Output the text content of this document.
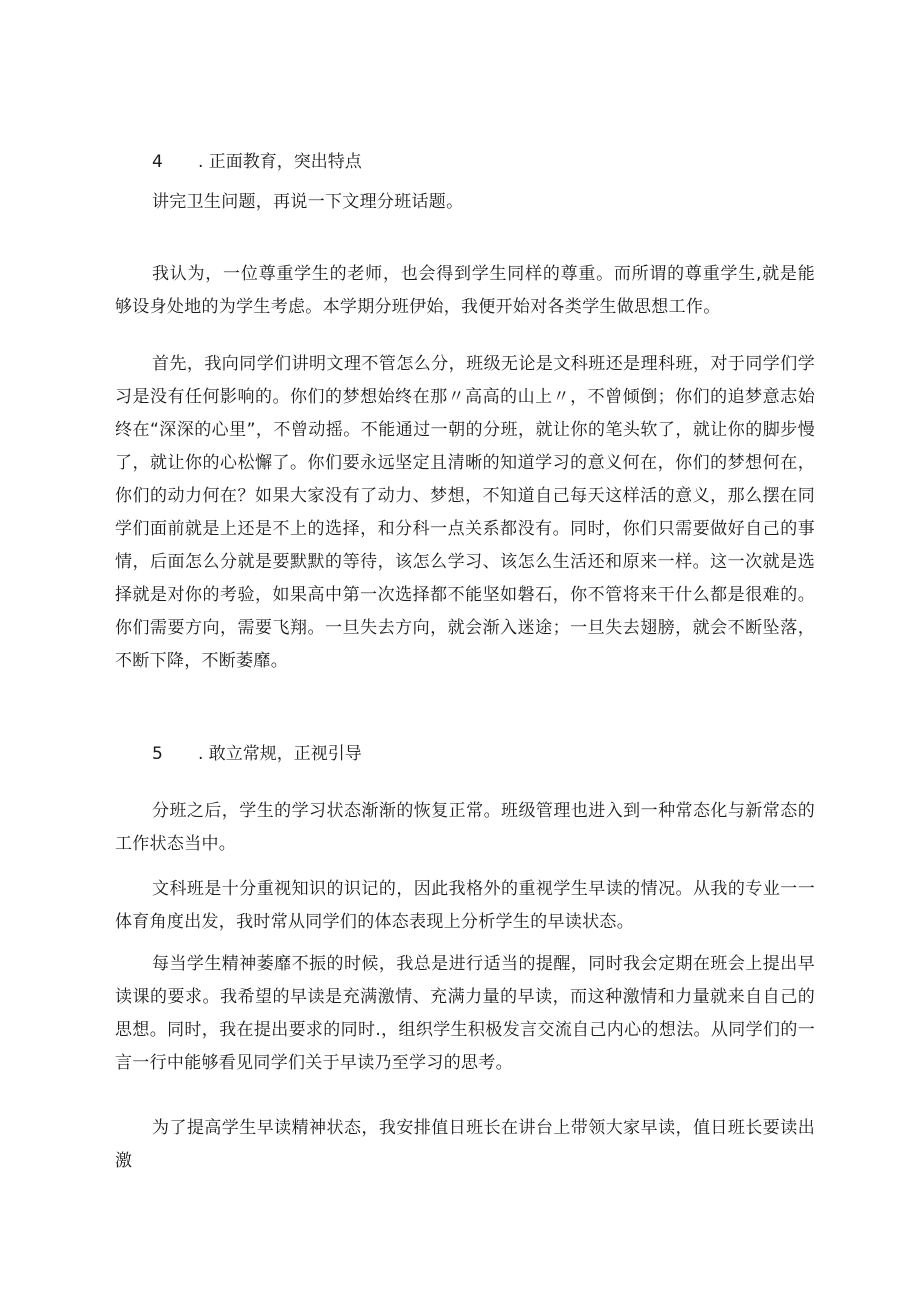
4 . 正面教育，突出特点

讲完卫生问题，再说一下文理分班话题。

我认为，一位尊重学生的老师，也会得到学生同样的尊重。而所谓的尊重学生,就是能够设身处地的为学生考虑。本学期分班伊始，我便开始对各类学生做思想工作。

首先，我向同学们讲明文理不管怎么分，班级无论是文科班还是理科班，对于同学们学习是没有任何影响的。你们的梦想始终在那〃高高的山上〃，不曾倾倒；你们的追梦意志始终在“深深的心里”，不曾动摇。不能通过一朝的分班，就让你的笔头软了，就让你的脚步慢了，就让你的心松懈了。你们要永远坚定且清晰的知道学习的意义何在，你们的梦想何在，你们的动力何在？如果大家没有了动力、梦想，不知道自己每天这样活的意义，那么摆在同学们面前就是上还是不上的选择，和分科一点关系都没有。同时，你们只需要做好自己的事情，后面怎么分就是要默默的等待，该怎么学习、该怎么生活还和原来一样。这一次就是选择就是对你的考验，如果高中第一次选择都不能坚如磐石，你不管将来干什么都是很难的。你们需要方向，需要飞翔。一旦失去方向，就会渐入迷途；一旦失去翅膀，就会不断坠落，不断下降，不断萎靡。

5 . 敢立常规，正视引导

分班之后，学生的学习状态渐渐的恢复正常。班级管理也进入到一种常态化与新常态的工作状态当中。

文科班是十分重视知识的识记的，因此我格外的重视学生早读的情况。从我的专业一一体育角度出发，我时常从同学们的体态表现上分析学生的早读状态。

每当学生精神萎靡不振的时候，我总是进行适当的提醒，同时我会定期在班会上提出早读课的要求。我希望的早读是充满激情、充满力量的早读，而这种激情和力量就来自自己的思想。同时，我在提出要求的同时.，组织学生积极发言交流自己内心的想法。从同学们的一言一行中能够看见同学们关于早读乃至学习的思考。

为了提高学生早读精神状态，我安排值日班长在讲台上带领大家早读，值日班长要读出激
